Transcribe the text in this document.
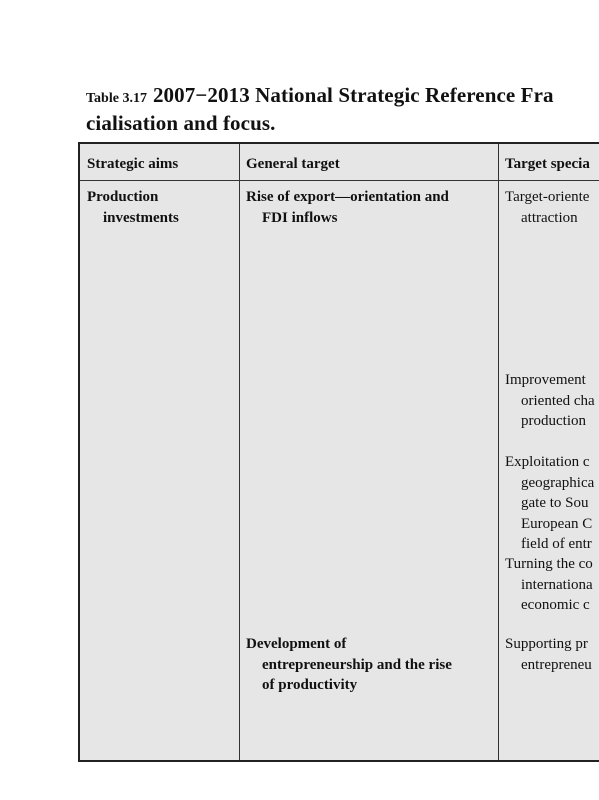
Table 3.17 2007−2013 National Strategic Reference Fra
cialisation and focus.
Strategic aims	General target	Target specia
Production
investments
Rise of export—orientation and
FDI inflows
Development of
entrepreneurship and the rise
of productivity
Target-oriente
attraction
Improvement
oriented cha
production
Exploitation c
geographica
gate to Sou
European C
field of entr
Turning the co
internationa
economic c
Supporting pr
entrepreneu
